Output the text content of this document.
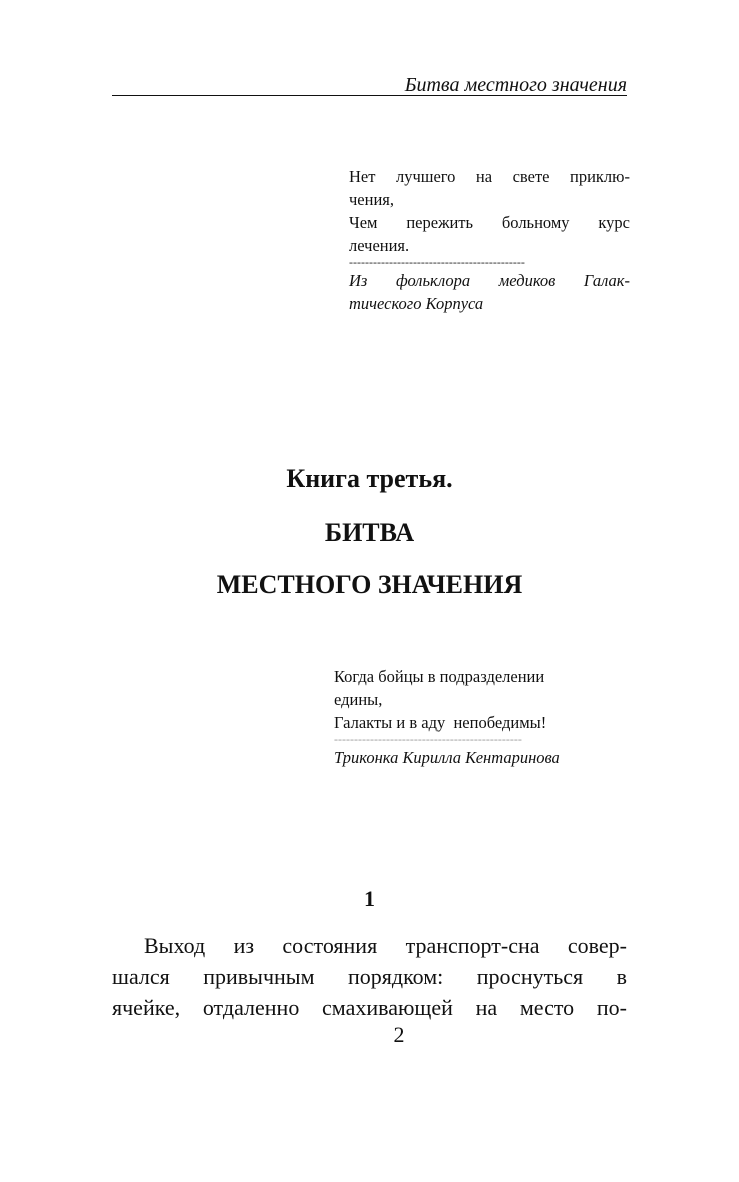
Битва местного значения

Нет лучшего на свете приклю-

чения,

Чем пережить больному курс

лечения.

--------------------------------------------

Из фольклора медиков Галак-

тического Корпуса

Книга третья.
БИТВА
МЕСТНОГО ЗНАЧЕНИЯ

Когда бойцы в подразделении

едины,

Галакты и в аду  непобедимы!

-----------------------------------------------

Триконка Кирилла Кентаринова

1
Выход из состояния транспорт-сна совер-
шался привычным порядком: проснуться в
ячейке, отдаленно смахивающей на место по-
2
